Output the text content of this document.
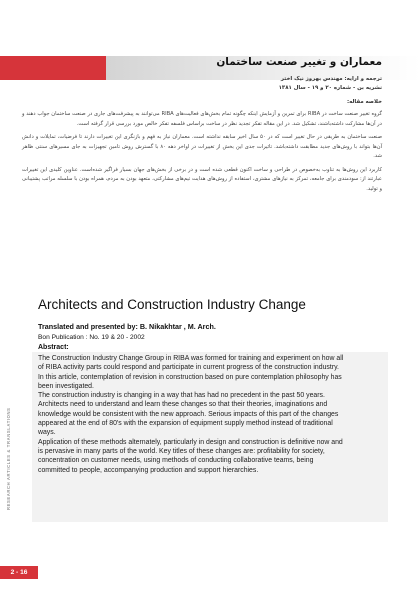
معماران و تغییر صنعت ساختمان
ترجمه و ارایه: مهندس بهروز نیک اختر
نشریه بن - شماره ۲۰ و ۱۹ - سال ۱۳۸۱
خلاصه مقاله:

گروه تغییر صنعت ساخت در RIBA برای تمرین و آزمایش اینکه چگونه تمام بخش‌های فعالیت‌های RIBA می‌توانند به پیشرفت‌های جاری در صنعت ساختمان جواب دهند و در آن‌ها مشارکت داشته‌باشند، تشکیل شد. در این مقاله تفکر تجدید نظر در ساخت براساس فلسفه تفکر خالص مورد بررسی قرار گرفته است.

صنعت ساختمان به طریقی در حال تغییر است که در ۵۰ سال اخیر سابقه نداشته است. معماران نیاز به فهم و بازنگری این تغییرات دارند تا فرضیات، تمایلات و دانش آن‌ها بتواند با روش‌های جدید مطابقت داشته‌باشد. تاثیرات جدی این بخش از تغییرات در اواخر دهه ۸۰ با گسترش روش تامین تجهیزات به جای مسیرهای سنتی ظاهر شد.

کاربرد این روش‌ها به تناوب به‌خصوص در طراحی و ساخت اکنون قطعی شده است و در برخی از بخش‌های جهان بسیار فراگیر شده‌است. عناوین کلیدی این تغییرات عبارتند از: سودمندی برای جامعه، تمرکز به نیازهای مشتری، استفاده از روش‌های هدایت تیم‌های مشارکتی، متعهد بودن به مردم، همراه بودن با سلسله مراتب پشتیبانی و تولید.

Architects and Construction Industry Change
Translated and presented by: B. Nikakhtar , M. Arch.
Bon Publication : No. 19 & 20 - 2002
Abstract:

The Construction Industry Change Group in RIBA was formed for training and experiment on how all

of RIBA activity parts could respond and participate in current progress of the construction industry.

In this article, contemplation of revision in construction based on pure contemplation philosophy has

been investigated.

The construction industry is changing in a way that has had no precedent in the past 50 years.

Architects need to understand and learn these changes so that their theories, imaginations and

knowledge would be consistent with the new approach. Serious impacts of this part of the changes

appeared at the end of 80's with the expansion of equipment supply method instead of traditional

ways.

Application of these methods alternately, particularly in design and construction is definitive now and

is pervasive in many parts of the world. Key titles of these changes are: profitability for society,

concentration on customer needs, using methods of conducting collaborative teams, being

committed to people, accompanying production and support hierarchies.

RESEARCH ARTICLES & TRANSLATIONS
2 - 16
